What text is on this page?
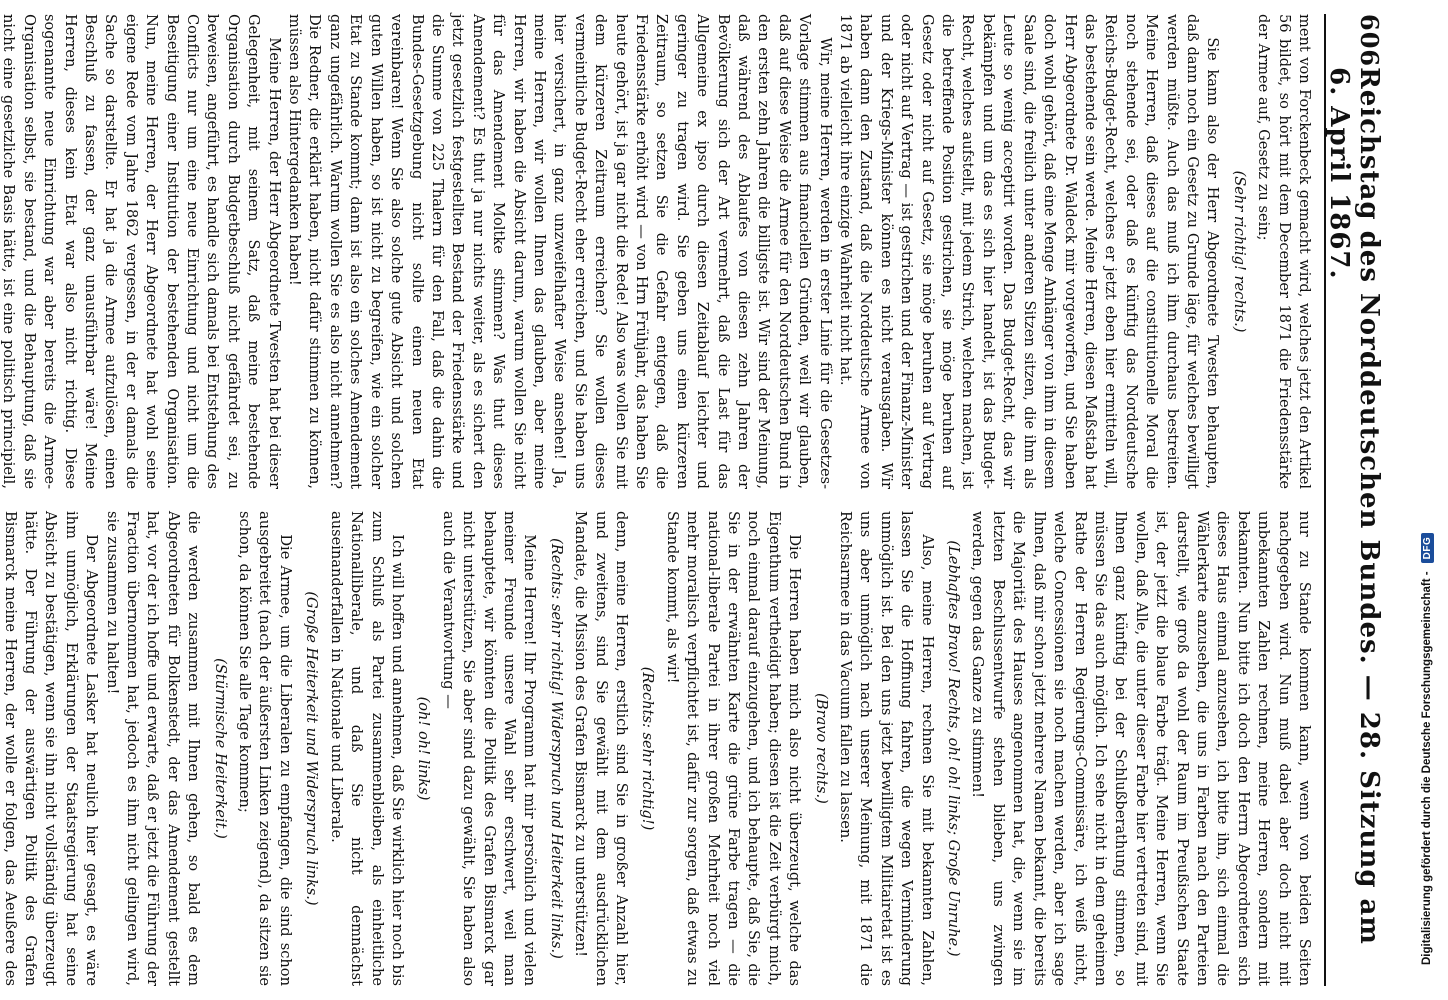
606
Reichstag des Norddeutschen Bundes. — 28. Sitzung am 6. April 1867.

ment von Forckenbeck gemacht wird, welches jetzt den Artikel 56 bildet, so hört mit dem December 1871 die Friedensstärke der Armee auf, Gesetz zu sein;

(Sehr richtig! rechts.)

Sie kann also der Herr Abgeordnete Twesten behaupten, daß dann noch ein Gesetz zu Grunde läge, für welches bewilligt werden müßte. Auch das muß ich ihm durchaus bestreiten. Meine Herren, daß dieses auf die constitutionelle Moral die noch stehende sei, oder daß es künftig das Norddeutsche Reichs-Budget-Recht, welches er jetzt eben hier ermitteln will, das bestehende sein werde. Meine Herren, diesen Maßstab hat Herr Abgeordnete Dr. Waldeck mir vorgeworfen, und Sie haben doch wohl gehört, daß eine Menge Anhänger von ihm in diesem Saale sind, die freilich unter anderen Sitzen sitzen, die ihm als Leute so wenig acceptirt worden. Das Budget-Recht, das wir bekämpfen und um das es sich hier handelt, ist das Budget-Recht, welches aufstellt, mit jedem Strich, welchen machen, ist die betreffende Position gestrichen, sie möge beruhen auf Gesetz oder nicht auf Gesetz, sie möge beruhen auf Vertrag oder nicht auf Vertrag — ist gestrichen und der Finanz-Minister und der Kriegs-Minister können es nicht verausgaben. Wir haben dann den Zustand, daß die Norddeutsche Armee von 1871 ab vielleicht ihre einzige Wahrheit nicht hat.

Wir, meine Herren, werden in erster Linie für die Gesetzes-Vorlage stimmen aus financiellen Gründen, weil wir glauben, daß auf diese Weise die Armee für den Norddeutschen Bund in den ersten zehn Jahren die billigste ist. Wir sind der Meinung, daß während des Ablaufes von diesen zehn Jahren der Bevölkerung sich der Art vermehrt, daß die Last für das Allgemeine ex ipso durch diesen Zeitablauf leichter und geringer zu tragen wird. Sie geben uns einen kürzeren Zeitraum, so setzen Sie die Gefahr entgegen, daß die Friedensstärke erhöht wird — von Hrn Frühjahr, das haben Sie heute gehört, ist ja gar nicht die Rede! Also was wollen Sie mit dem kürzeren Zeitraum erreichen? Sie wollen dieses vermeintliche Budget-Recht eher erreichen, und Sie haben uns hier versichert, in ganz unzweifelhafter Weise ansehen! Ja, meine Herren, wir wollen Ihnen das glauben, aber meine Herren, wir haben die Absicht darum, warum wollen Sie nicht für das Amendement Moltke stimmen? Was thut dieses Amendement? Es thut ja nur nichts weiter, als es sichert den jetzt gesetzlich festgestellten Bestand der Friedensstärke und die Summe von 225 Thalern für den Fall, daß die dahin die Bundes-Gesetzgebung nicht sollte einen neuen Etat vereinbaren! Wenn Sie also solche gute Absicht und solchen guten Willen haben, so ist nicht zu begreifen, wie ein solcher Etat zu Stande kommt; dann ist also ein solches Amendement ganz ungefährlich. Warum wollen Sie es also nicht annehmen? Die Redner, die erklärt haben, nicht dafür stimmen zu können, müssen also Hintergedanken haben!

Meine Herren, der Herr Abgeordnete Twesten hat bei dieser Gelegenheit, mit seinem Satz, daß meine bestehende Organisation durch Budgetbeschluß nicht gefährdet sei, zu beweisen, angeführt, es handle sich damals bei Entstehung des Conflicts nur um eine neue Einrichtung und nicht um die Beseitigung einer Institution der bestehenden Organisation. Nun, meine Herren, der Herr Abgeordnete hat wohl seine eigene Rede vom Jahre 1862 vergessen, in der er damals die Sache so darstellte. Er hat ja die Armee aufzulösen, einen Beschluß zu fassen, der ganz unausführbar wäre! Meine Herren, dieses kein Etat war also nicht richtig. Diese sogenannte neue Einrichtung war aber bereits die Armee-Organisation selbst, sie bestand, und die Behauptung, daß sie nicht eine gesetzliche Basis hätte, ist eine politisch principiell,

nur zu Stande kommen kann, wenn von beiden Seiten nachgegeben wird. Nun muß dabei aber doch nicht mit unbekannten Zahlen rechnen, meine Herren, sondern mit bekannten. Nun bitte ich doch den Herrn Abgeordneten sich dieses Haus einmal anzusehen, ich bitte ihn, sich einmal die Wählerkarte anzusehen, die uns in Farben nach den Parteien darstellt, wie groß da wohl der Raum im Preußischen Staate ist, der jetzt die blaue Farbe trägt. Meine Herren, wenn Sie wollen, daß Alle, die unter dieser Farbe hier vertreten sind, mit Ihnen ganz künftig bei der Schlußberathung stimmen, so müssen Sie das auch möglich. Ich sehe nicht in dem geheimen Rathe der Herren Regierungs-Commissäre, ich weiß nicht, welche Concessionen sie noch machen werden, aber ich sage Ihnen, daß mir schon jetzt mehrere Namen bekannt, die bereits die Majorität des Hauses angenommen hat, die, wenn sie im letzten Beschlussentwurfe stehen blieben, uns zwingen werden, gegen das Ganze zu stimmen!

(Lebhaftes Bravo! Rechts, oh! oh! links; Große Unruhe.)

Also, meine Herren, rechnen Sie mit bekannten Zahlen, lassen Sie die Hoffnung fahren, die wegen Verminderung unmöglich ist. Bei den uns jetzt bewilligtem Militairetat ist es uns aber unmöglich nach unserer Meinung, mit 1871 die Reichsarmee in das Vacuum fallen zu lassen.

(Bravo rechts.)

Die Herren haben mich also nicht überzeugt, welche das Eigenthum vertheidigt haben; diesen ist die Zeit verbürgt mich, noch einmal darauf einzugehen, und ich behaupte, daß Sie, die Sie in der erwähnten Karte die grüne Farbe tragen — die national-liberale Partei in ihrer großen Mehrheit noch viel mehr moralisch verpflichtet ist, dafür zur sorgen, daß etwas zu Stande kommt, als wir!

(Rechts: sehr richtig!)

denn, meine Herren, erstlich sind Sie in großer Anzahl hier, und zweitens, sind Sie gewählt mit dem ausdrücklichen Mandate, die Mission des Grafen Bismarck zu unterstützen!

(Rechts: sehr richtig! Widerspruch und Heiterkeit links.)

Meine Herren! Ihr Programm hat mir persönlich und vielen meiner Freunde unsere Wahl sehr erschwert, weil man behauptete, wir könnten die Politik des Grafen Bismarck gar nicht unterstützen, Sie aber sind dazu gewählt, Sie haben also auch die Verantwortung —

(oh! oh! links)

Ich will hoffen und annehmen, daß Sie wirklich hier noch bis zum Schluß als Partei zusammenbleiben, als einheitliche Nationalliberale, und daß Sie nicht demnächst auseinanderfallen in Nationale und Liberale.

(Große Heiterkeit und Widerspruch links.)

Die Armee, um die Liberalen zu empfangen, die sind schon ausgebreitet (nach der äußersten Linken zeigend), da sitzen sie schon, da können Sie alle Tage kommen;

(Stürmische Heiterkeit.)

die werden zusammen mit Ihnen gehen, so bald es dem Abgeordneten für Bolkenstedt, der das Amendement gestellt hat, vor der ich hoffe und erwarte, daß er jetzt die Führung der Fraction übernommen hat, jedoch es ihm nicht gelingen wird, sie zusammen zu halten!

Der Abgeordnete Lasker hat neulich hier gesagt, es wäre ihm unmöglich, Erklärungen der Staatsregierung hat seine Absicht zu bestätigen, wenn sie ihn nicht vollständig überzeugt hätte. Der Führung der auswärtigen Politik des Grafen Bismarck meine Herren, der wolle er folgen, das Aeußere des

Digitalisierung gefördert durch die Deutsche Forschungsgemeinschaft -
DFG
